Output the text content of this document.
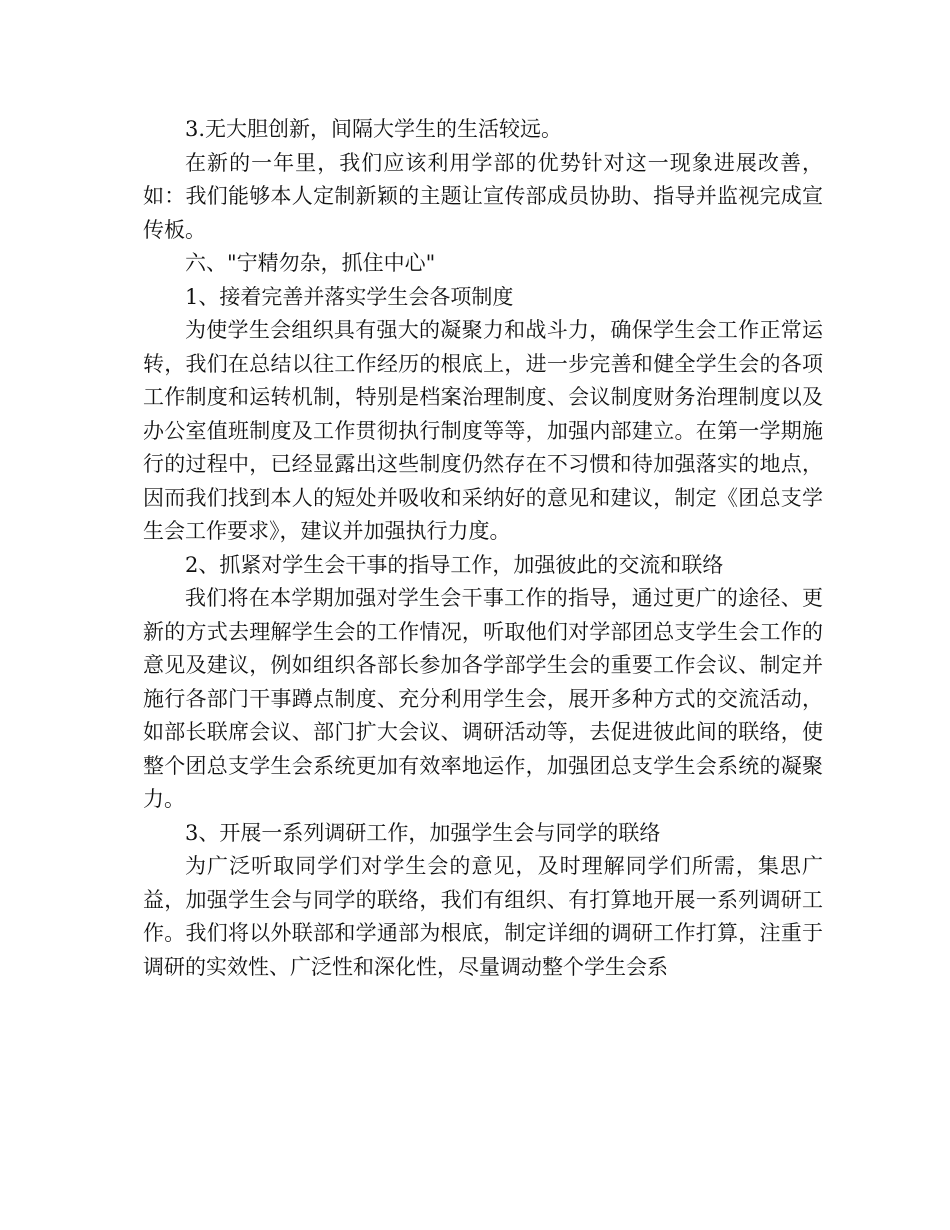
3.无大胆创新，间隔大学生的生活较远。

在新的一年里，我们应该利用学部的优势针对这一现象进展改善，如：我们能够本人定制新颖的主题让宣传部成员协助、指导并监视完成宣传板。

六、"宁精勿杂，抓住中心"

1、接着完善并落实学生会各项制度

为使学生会组织具有强大的凝聚力和战斗力，确保学生会工作正常运转，我们在总结以往工作经历的根底上，进一步完善和健全学生会的各项工作制度和运转机制，特别是档案治理制度、会议制度财务治理制度以及办公室值班制度及工作贯彻执行制度等等，加强内部建立。在第一学期施行的过程中，已经显露出这些制度仍然存在不习惯和待加强落实的地点，因而我们找到本人的短处并吸收和采纳好的意见和建议，制定《团总支学生会工作要求》，建议并加强执行力度。

2、抓紧对学生会干事的指导工作，加强彼此的交流和联络

我们将在本学期加强对学生会干事工作的指导，通过更广的途径、更新的方式去理解学生会的工作情况，听取他们对学部团总支学生会工作的意见及建议，例如组织各部长参加各学部学生会的重要工作会议、制定并施行各部门干事蹲点制度、充分利用学生会，展开多种方式的交流活动，如部长联席会议、部门扩大会议、调研活动等，去促进彼此间的联络，使整个团总支学生会系统更加有效率地运作，加强团总支学生会系统的凝聚力。

3、开展一系列调研工作，加强学生会与同学的联络

为广泛听取同学们对学生会的意见，及时理解同学们所需，集思广益，加强学生会与同学的联络，我们有组织、有打算地开展一系列调研工作。我们将以外联部和学通部为根底，制定详细的调研工作打算，注重于调研的实效性、广泛性和深化性，尽量调动整个学生会系
